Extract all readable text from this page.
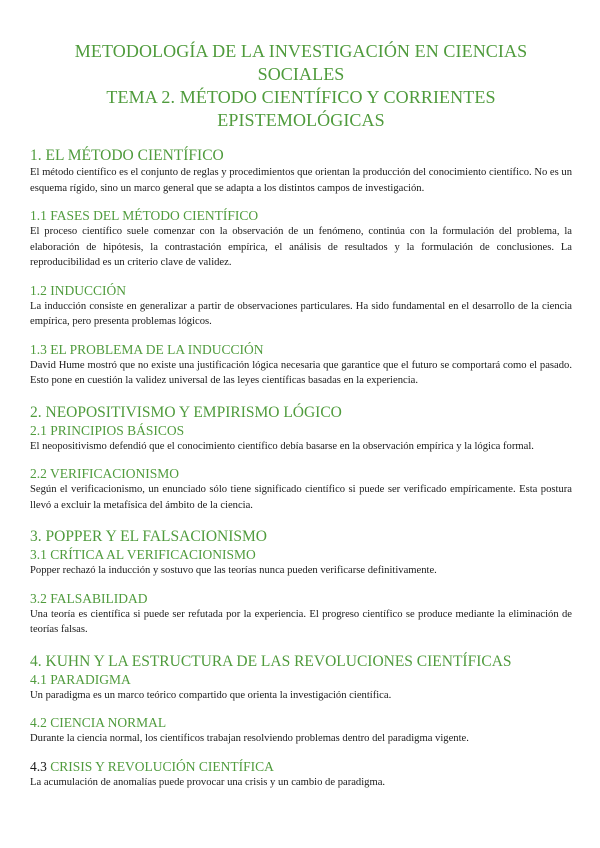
METODOLOGÍA DE LA INVESTIGACIÓN EN CIENCIAS SOCIALES
TEMA 2. MÉTODO CIENTÍFICO Y CORRIENTES EPISTEMOLÓGICAS
1. EL MÉTODO CIENTÍFICO

El método científico es el conjunto de reglas y procedimientos que orientan la producción del conocimiento científico. No es un esquema rígido, sino un marco general que se adapta a los distintos campos de investigación.

1.1 FASES DEL MÉTODO CIENTÍFICO

El proceso científico suele comenzar con la observación de un fenómeno, continúa con la formulación del problema, la elaboración de hipótesis, la contrastación empírica, el análisis de resultados y la formulación de conclusiones. La reproducibilidad es un criterio clave de validez.

1.2 INDUCCIÓN

La inducción consiste en generalizar a partir de observaciones particulares. Ha sido fundamental en el desarrollo de la ciencia empírica, pero presenta problemas lógicos.

1.3 EL PROBLEMA DE LA INDUCCIÓN

David Hume mostró que no existe una justificación lógica necesaria que garantice que el futuro se comportará como el pasado. Esto pone en cuestión la validez universal de las leyes científicas basadas en la experiencia.

2. NEOPOSITIVISMO Y EMPIRISMO LÓGICO
2.1 PRINCIPIOS BÁSICOS

El neopositivismo defendió que el conocimiento científico debía basarse en la observación empírica y la lógica formal.

2.2 VERIFICACIONISMO

Según el verificacionismo, un enunciado sólo tiene significado científico si puede ser verificado empíricamente. Esta postura llevó a excluir la metafísica del ámbito de la ciencia.

3. POPPER Y EL FALSACIONISMO
3.1 CRÍTICA AL VERIFICACIONISMO

Popper rechazó la inducción y sostuvo que las teorías nunca pueden verificarse definitivamente.

3.2 FALSABILIDAD

Una teoría es científica si puede ser refutada por la experiencia. El progreso científico se produce mediante la eliminación de teorías falsas.

4. KUHN Y LA ESTRUCTURA DE LAS REVOLUCIONES CIENTÍFICAS
4.1 PARADIGMA

Un paradigma es un marco teórico compartido que orienta la investigación científica.

4.2 CIENCIA NORMAL

Durante la ciencia normal, los científicos trabajan resolviendo problemas dentro del paradigma vigente.

4.3 CRISIS Y REVOLUCIÓN CIENTÍFICA

La acumulación de anomalías puede provocar una crisis y un cambio de paradigma.
